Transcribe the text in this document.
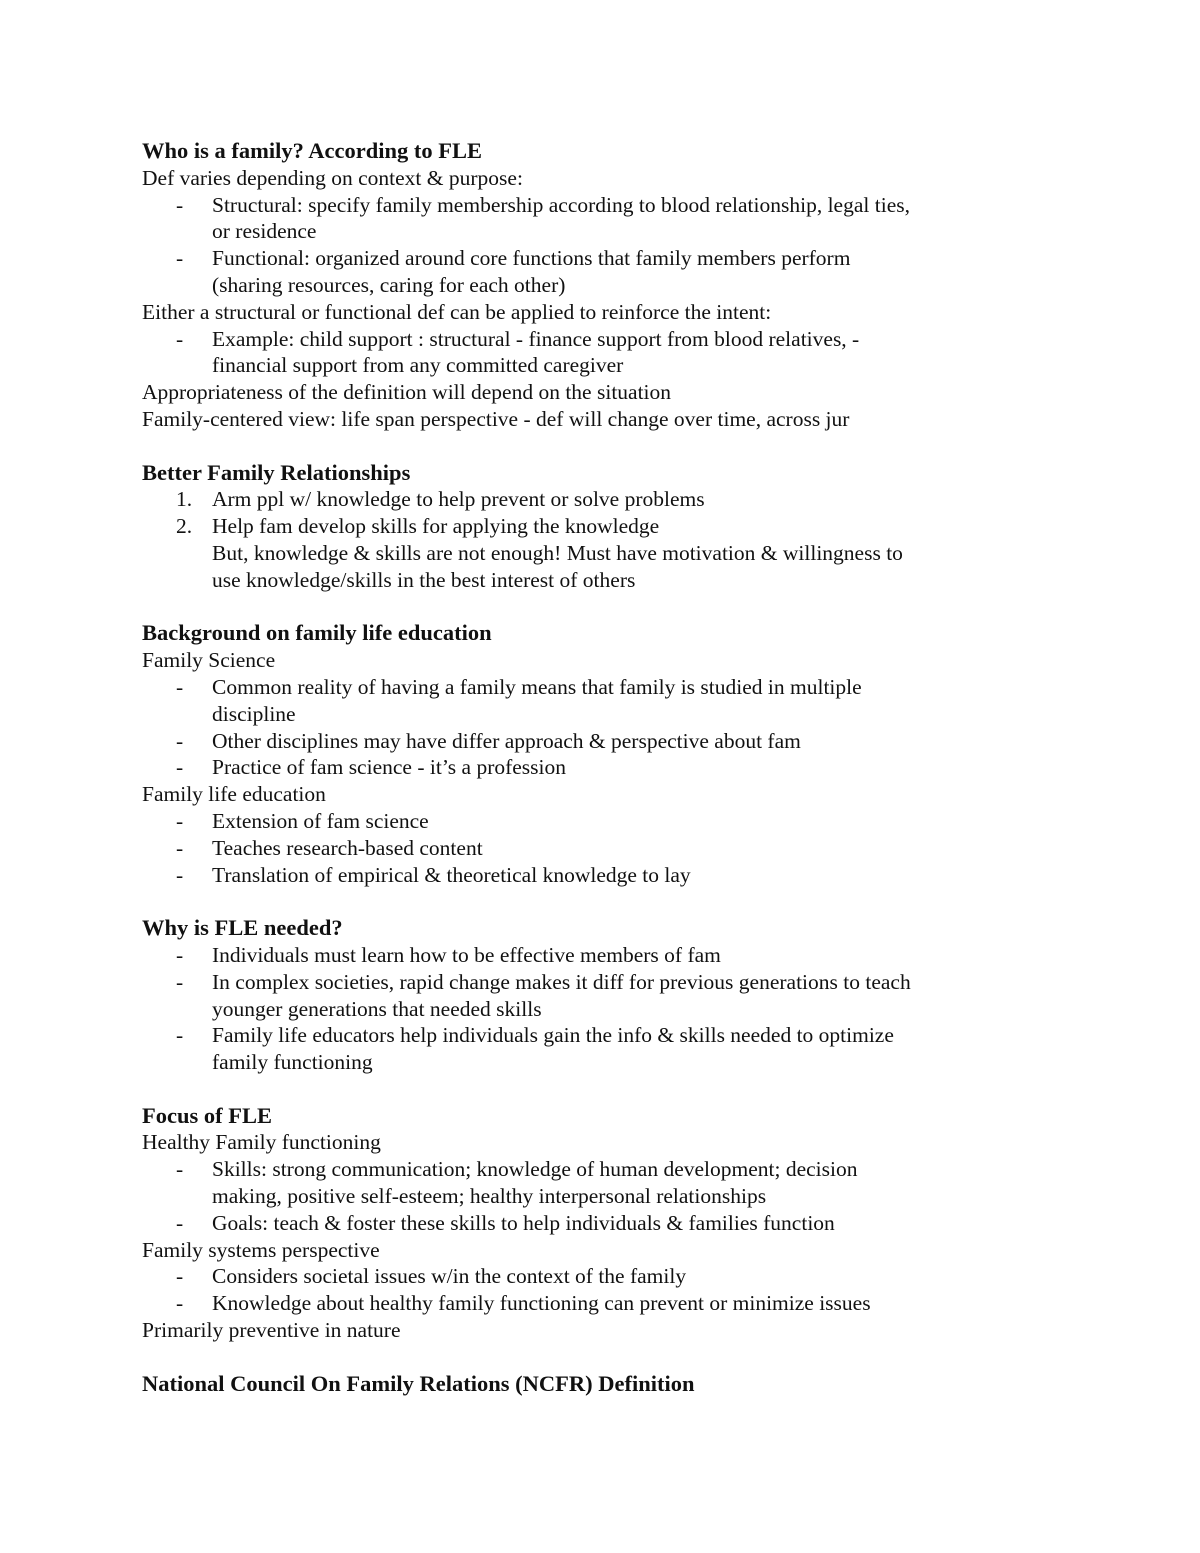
Who is a family? According to FLE
Def varies depending on context & purpose:
- Structural: specify family membership according to blood relationship, legal ties,
or residence
- Functional: organized around core functions that family members perform
(sharing resources, caring for each other)
Either a structural or functional def can be applied to reinforce the intent:
- Example: child support : structural - finance support from blood relatives, -
financial support from any committed caregiver
Appropriateness of the definition will depend on the situation
Family-centered view: life span perspective - def will change over time, across jur
Better Family Relationships
1. Arm ppl w/ knowledge to help prevent or solve problems
2. Help fam develop skills for applying the knowledge
But, knowledge & skills are not enough! Must have motivation & willingness to
use knowledge/skills in the best interest of others
Background on family life education
Family Science
- Common reality of having a family means that family is studied in multiple
discipline
- Other disciplines may have differ approach & perspective about fam
- Practice of fam science - it’s a profession
Family life education
- Extension of fam science
- Teaches research-based content
- Translation of empirical & theoretical knowledge to lay
Why is FLE needed?
- Individuals must learn how to be effective members of fam
- In complex societies, rapid change makes it diff for previous generations to teach
younger generations that needed skills
- Family life educators help individuals gain the info & skills needed to optimize
family functioning
Focus of FLE
Healthy Family functioning
- Skills: strong communication; knowledge of human development; decision
making, positive self-esteem; healthy interpersonal relationships
- Goals: teach & foster these skills to help individuals & families function
Family systems perspective
- Considers societal issues w/in the context of the family
- Knowledge about healthy family functioning can prevent or minimize issues
Primarily preventive in nature
National Council On Family Relations (NCFR) Definition
